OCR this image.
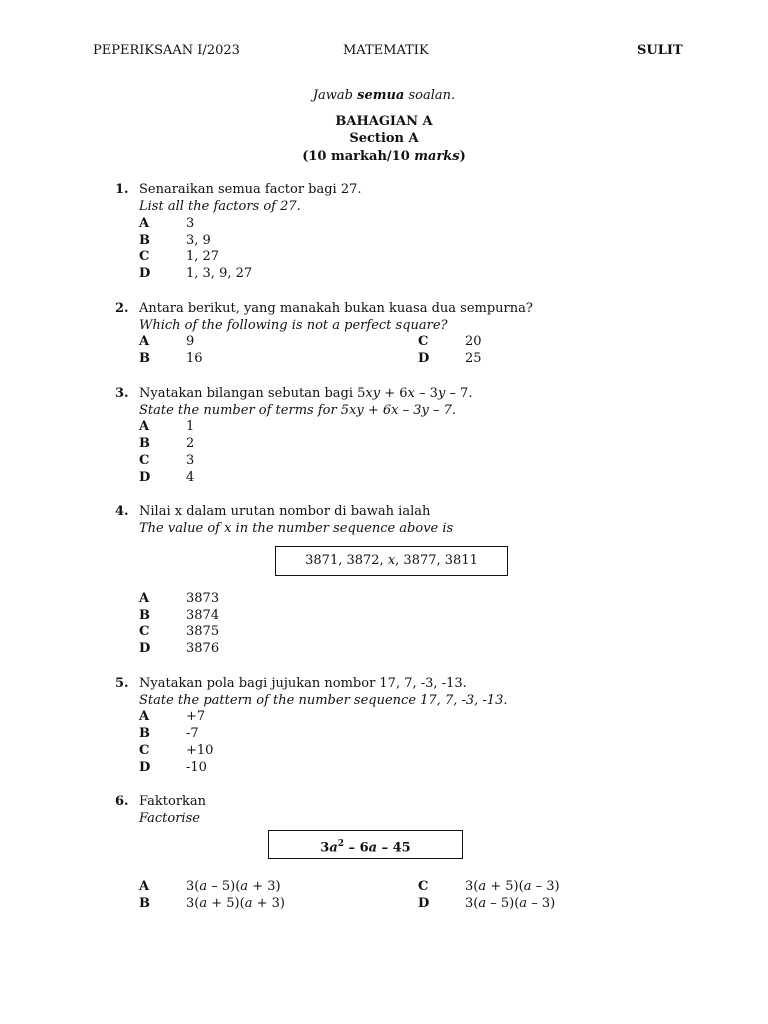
PEPERIKSAAN I/2023	MATEMATIK	SULIT
Jawab semua soalan.
BAHAGIAN A
Section A
(10 markah/10 marks)
1. Senaraikan semua factor bagi 27.
List all the factors of 27.
A	3
B	3, 9
C	1, 27
D	1, 3, 9, 27
2. Antara berikut, yang manakah bukan kuasa dua sempurna?
Which of the following is not a perfect square?
A	9	C	20
B	16	D	25
3. Nyatakan bilangan sebutan bagi 5xy + 6x – 3y – 7.
State the number of terms for 5xy + 6x – 3y – 7.
A	1
B	2
C	3
D	4
4. Nilai x dalam urutan nombor di bawah ialah
The value of x in the number sequence above is
3871, 3872, x, 3877, 3811
A	3873
B	3874
C	3875
D	3876
5. Nyatakan pola bagi jujukan nombor 17, 7, -3, -13.
State the pattern of the number sequence 17, 7, -3, -13.
A	+7
B	-7
C	+10
D	-10
6. Faktorkan
Factorise
$3a^2 - 6a - 45$
A	3(a – 5)(a + 3)	C	3(a + 5)(a – 3)
B	3(a + 5)(a + 3)	D	3(a – 5)(a – 3)
